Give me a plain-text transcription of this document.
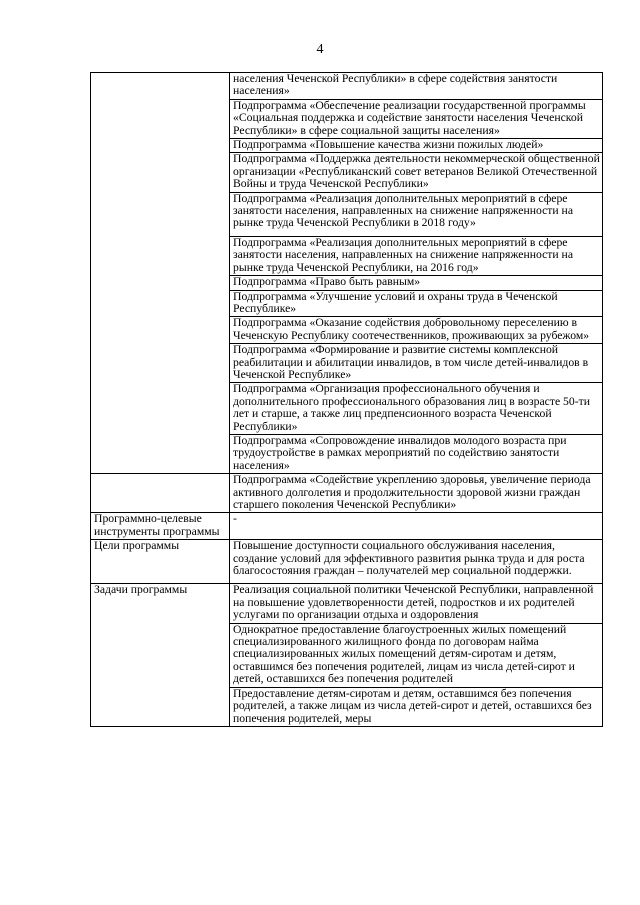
4
	населения Чеченской Республики» в сфере содействия занятости населения»
	Подпрограмма «Обеспечение реализации государственной программы «Социальная поддержка и содействие занятости населения Чеченской Республики» в сфере социальной защиты населения»
	Подпрограмма «Повышение качества жизни пожилых людей»
	Подпрограмма «Поддержка деятельности некоммерческой общественной организации «Республиканский совет ветеранов Великой Отечественной Войны и труда Чеченской Республики»
	Подпрограмма «Реализация дополнительных мероприятий в сфере занятости населения, направленных на снижение напряженности на рынке труда Чеченской Республики в 2018 году»
	Подпрограмма «Реализация дополнительных мероприятий в сфере занятости населения, направленных на снижение напряженности на рынке труда Чеченской Республики, на 2016 год»
	Подпрограмма «Право быть равным»
	Подпрограмма «Улучшение условий и охраны труда в Чеченской Республике»
	Подпрограмма «Оказание содействия добровольному переселению в Чеченскую Республику соотечественников, проживающих за рубежом»
	Подпрограмма «Формирование и развитие системы комплексной реабилитации и абилитации инвалидов, в том числе детей-инвалидов в Чеченской Республике»
	Подпрограмма «Организация профессионального обучения и дополнительного профессионального образования лиц в возрасте 50-ти лет и старше, а также лиц предпенсионного возраста Чеченской Республики»
	Подпрограмма «Сопровождение инвалидов молодого возраста при трудоустройстве в рамках мероприятий по содействию занятости населения»
	Подпрограмма «Содействие укреплению здоровья, увеличение периода активного долголетия и продолжительности здоровой жизни граждан старшего поколения Чеченской Республики»
Программно-целевые инструменты программы	-
Цели программы	Повышение доступности социального обслуживания населения, создание условий для эффективного развития рынка труда и для роста благосостояния граждан – получателей мер социальной поддержки.
Задачи программы	Реализация социальной политики Чеченской Республики, направленной на повышение удовлетворенности детей, подростков и их родителей услугами по организации отдыха и оздоровления
	Однократное предоставление благоустроенных жилых помещений специализированного жилищного фонда по договорам найма специализированных жилых помещений детям-сиротам и детям, оставшимся без попечения родителей, лицам из числа детей-сирот и детей, оставшихся без попечения родителей
	Предоставление детям-сиротам и детям, оставшимся без попечения родителей, а также лицам из числа детей-сирот и детей, оставшихся без попечения родителей, меры
